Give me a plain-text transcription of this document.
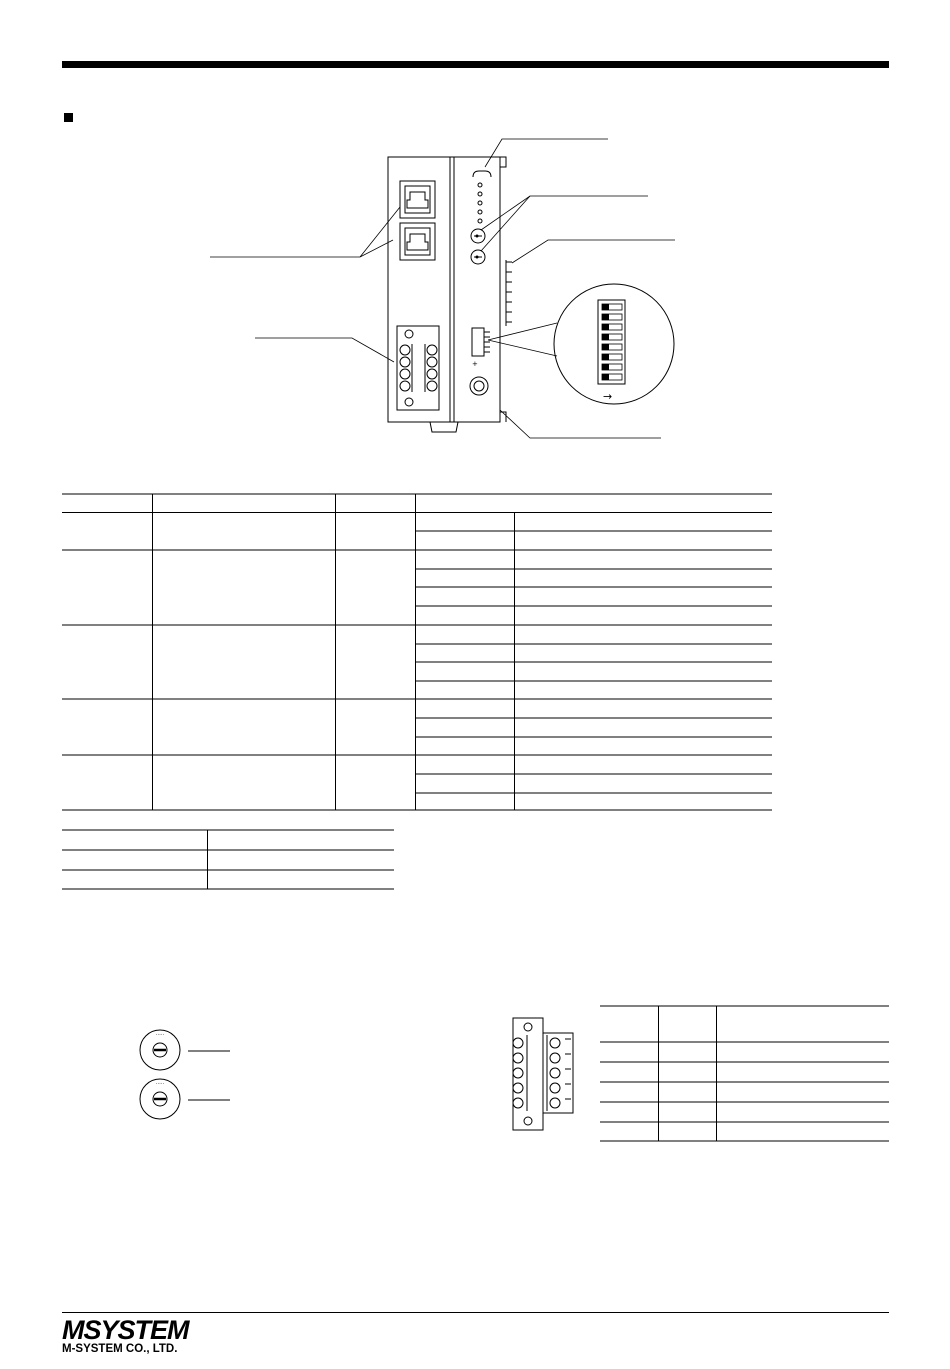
→
+
·····
·····
MSYSTEM
M-SYSTEM CO., LTD.
